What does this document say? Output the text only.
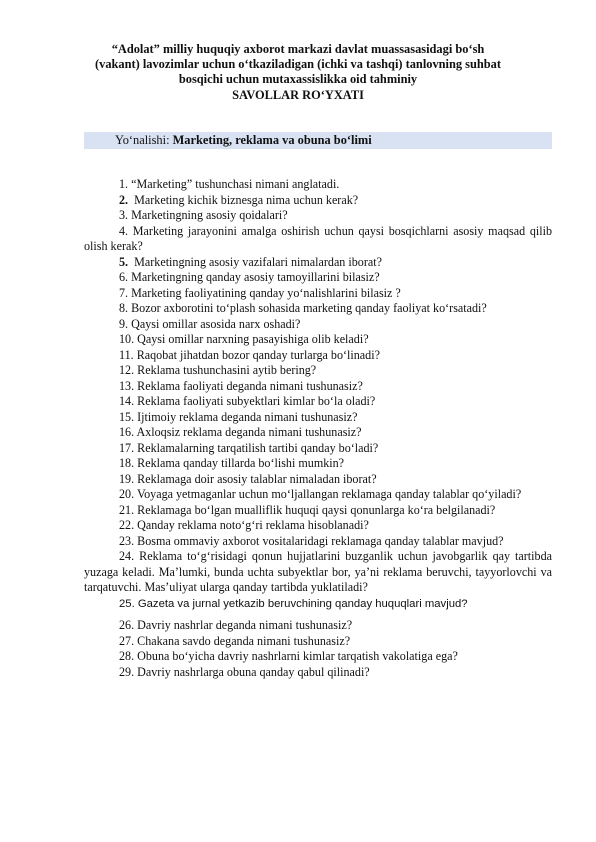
“Adolat” milliy huquqiy axborot markazi davlat muassasasidagi bo‘sh
(vakant) lavozimlar uchun o‘tkaziladigan (ichki va tashqi) tanlovning suhbat
bosqichi uchun mutaxassislikka oid tahminiy
SAVOLLAR RO‘YXATI
Yo‘nalishi: Marketing, reklama va obuna bo‘limi
1. “Marketing” tushunchasi nimani anglatadi.
2. Marketing kichik biznesga nima uchun kerak?
3. Marketingning asosiy qoidalari?
4. Marketing jarayonini amalga oshirish uchun qaysi bosqichlarni asosiy maqsad qilib olish kerak?
5. Marketingning asosiy vazifalari nimalardan iborat?
6. Marketingning qanday asosiy tamoyillarini bilasiz?
7. Marketing faoliyatining qanday yo‘nalishlarini bilasiz ?
8. Bozor axborotini to‘plash sohasida marketing qanday faoliyat ko‘rsatadi?
9. Qaysi omillar asosida narx oshadi?
10. Qaysi omillar narxning pasayishiga olib keladi?
11. Raqobat jihatdan bozor qanday turlarga bo‘linadi?
12. Reklama tushunchasini aytib bering?
13. Reklama faoliyati deganda nimani tushunasiz?
14. Reklama faoliyati subyektlari kimlar bo‘la oladi?
15. Ijtimoiy reklama deganda nimani tushunasiz?
16. Axloqsiz reklama deganda nimani tushunasiz?
17. Reklamalarning tarqatilish tartibi qanday bo‘ladi?
18. Reklama qanday tillarda bo‘lishi mumkin?
19. Reklamaga doir asosiy talablar nimaladan iborat?
20. Voyaga yetmaganlar uchun mo‘ljallangan reklamaga qanday talablar qo‘yiladi?
21. Reklamaga bo‘lgan mualliflik huquqi qaysi qonunlarga ko‘ra belgilanadi?
22. Qanday reklama noto‘g‘ri reklama hisoblanadi?
23. Bosma ommaviy axborot vositalaridagi reklamaga qanday talablar mavjud?
24. Reklama to‘g‘risidagi qonun hujjatlarini buzganlik uchun javobgarlik qay tartibda yuzaga keladi. Ma’lumki, bunda uchta subyektlar bor, ya’ni reklama beruvchi, tayyorlovchi va tarqatuvchi. Mas’uliyat ularga qanday tartibda yuklatiladi?
25. Gazeta va jurnal yetkazib beruvchining qanday huquqlari mavjud?
26. Davriy nashrlar deganda nimani tushunasiz?
27. Chakana savdo deganda nimani tushunasiz?
28. Obuna bo‘yicha davriy nashrlarni kimlar tarqatish vakolatiga ega?
29. Davriy nashrlarga obuna qanday qabul qilinadi?
